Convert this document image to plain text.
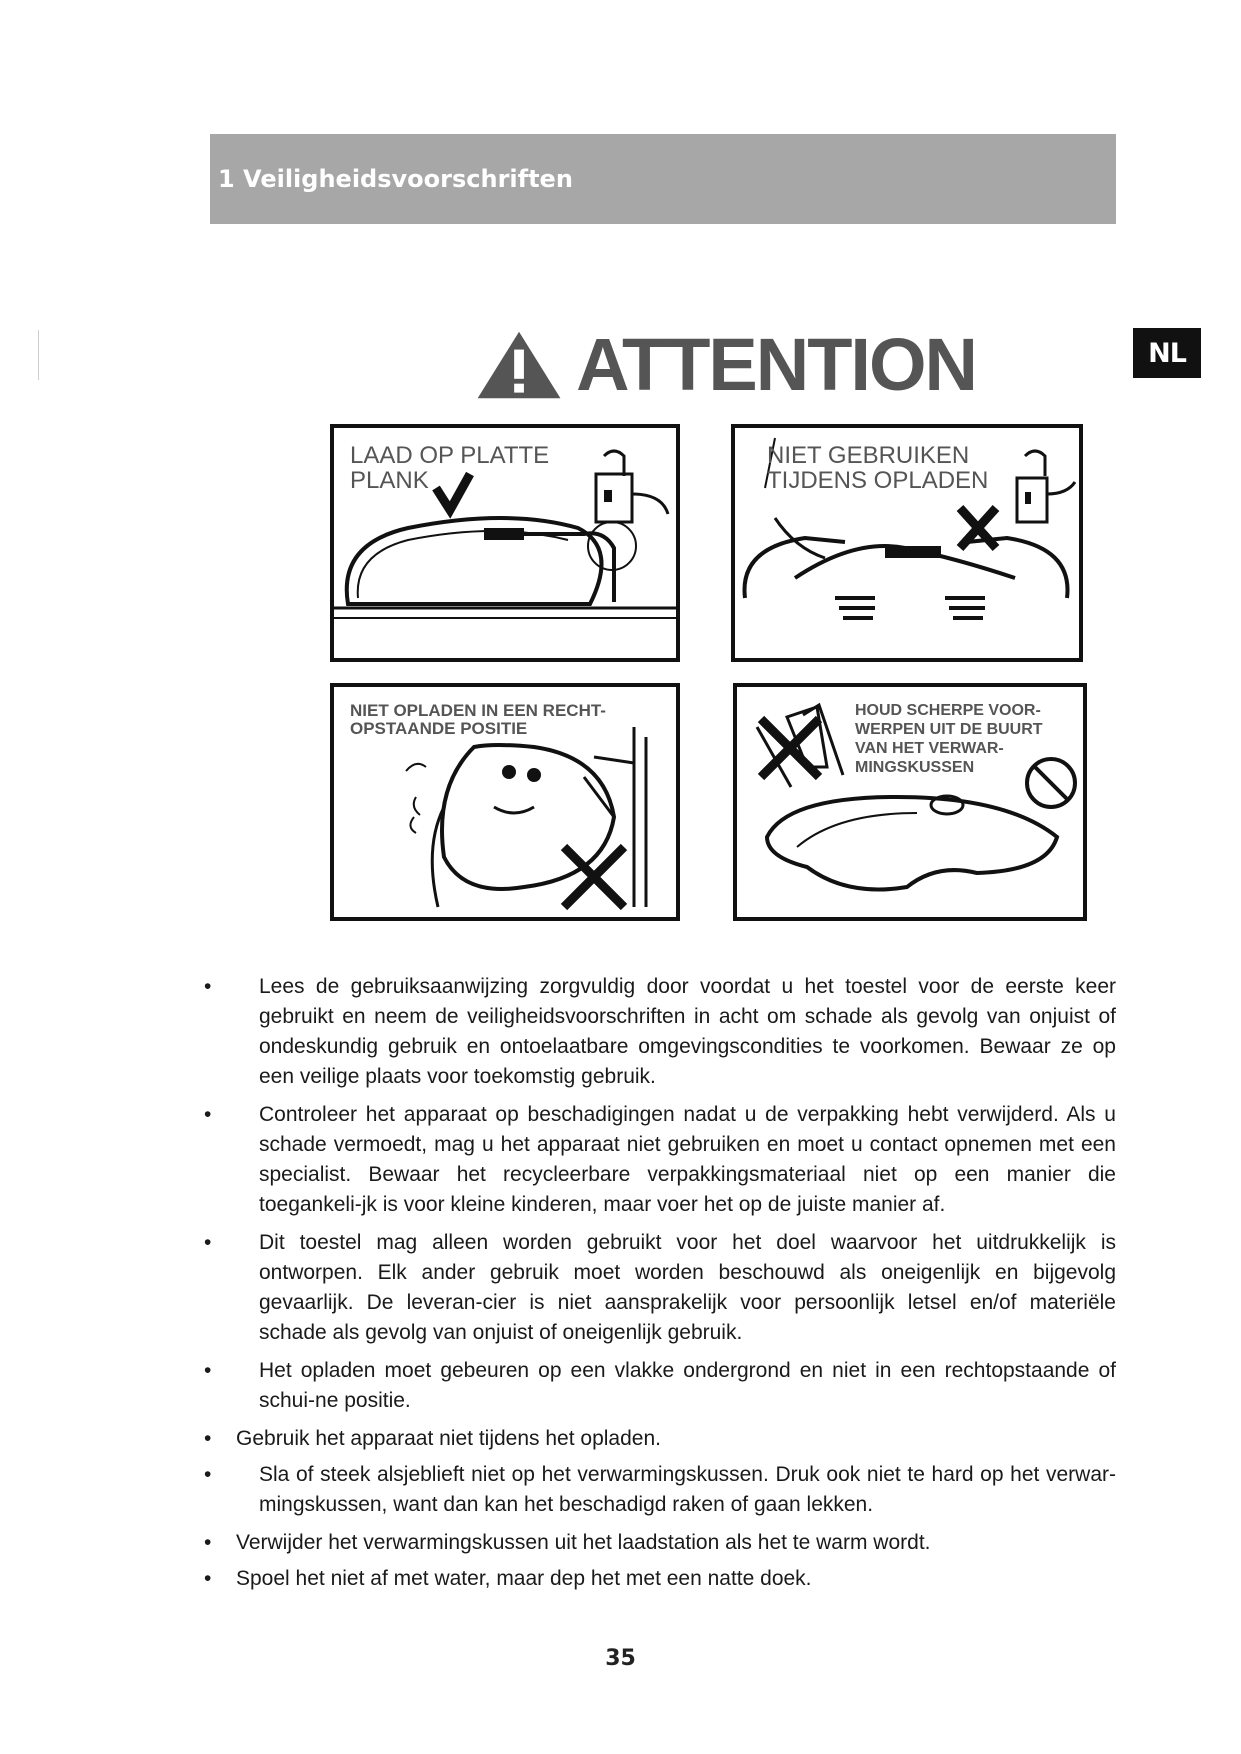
1 Veiligheidsvoorschriften
NL
ATTENTION
LAAD OP PLATTE
PLANK
NIET GEBRUIKEN
TIJDENS OPLADEN
NIET OPLADEN IN EEN RECHT-
OPSTAANDE POSITIE
HOUD SCHERPE VOOR-
WERPEN UIT DE BUURT
VAN HET VERWAR-
MINGSKUSSEN
•	Lees de gebruiksaanwijzing zorgvuldig door voordat u het toestel voor de eerste keer gebruikt en neem de veiligheidsvoorschriften in acht om schade als gevolg van onjuist of ondeskundig gebruik en ontoelaatbare omgevingscondities te voorkomen. Bewaar ze op een veilige plaats voor toekomstig gebruik.
•	Controleer het apparaat op beschadigingen nadat u de verpakking hebt verwijderd. Als u schade vermoedt, mag u het apparaat niet gebruiken en moet u contact opnemen met een specialist. Bewaar het recycleerbare verpakkingsmateriaal niet op een manier die toegankeli-jk is voor kleine kinderen, maar voer het op de juiste manier af.
•	Dit toestel mag alleen worden gebruikt voor het doel waarvoor het uitdrukkelijk is ontworpen. Elk ander gebruik moet worden beschouwd als oneigenlijk en bijgevolg gevaarlijk. De leveran-cier is niet aansprakelijk voor persoonlijk letsel en/of materiële schade als gevolg van onjuist of oneigenlijk gebruik.
•	Het opladen moet gebeuren op een vlakke ondergrond en niet in een rechtopstaande of schui-ne positie.
•	Gebruik het apparaat niet tijdens het opladen.
•	Sla of steek alsjeblieft niet op het verwarmingskussen. Druk ook niet te hard op het verwar-mingskussen, want dan kan het beschadigd raken of gaan lekken.
•	Verwijder het verwarmingskussen uit het laadstation als het te warm wordt.
•	Spoel het niet af met water, maar dep het met een natte doek.
35
